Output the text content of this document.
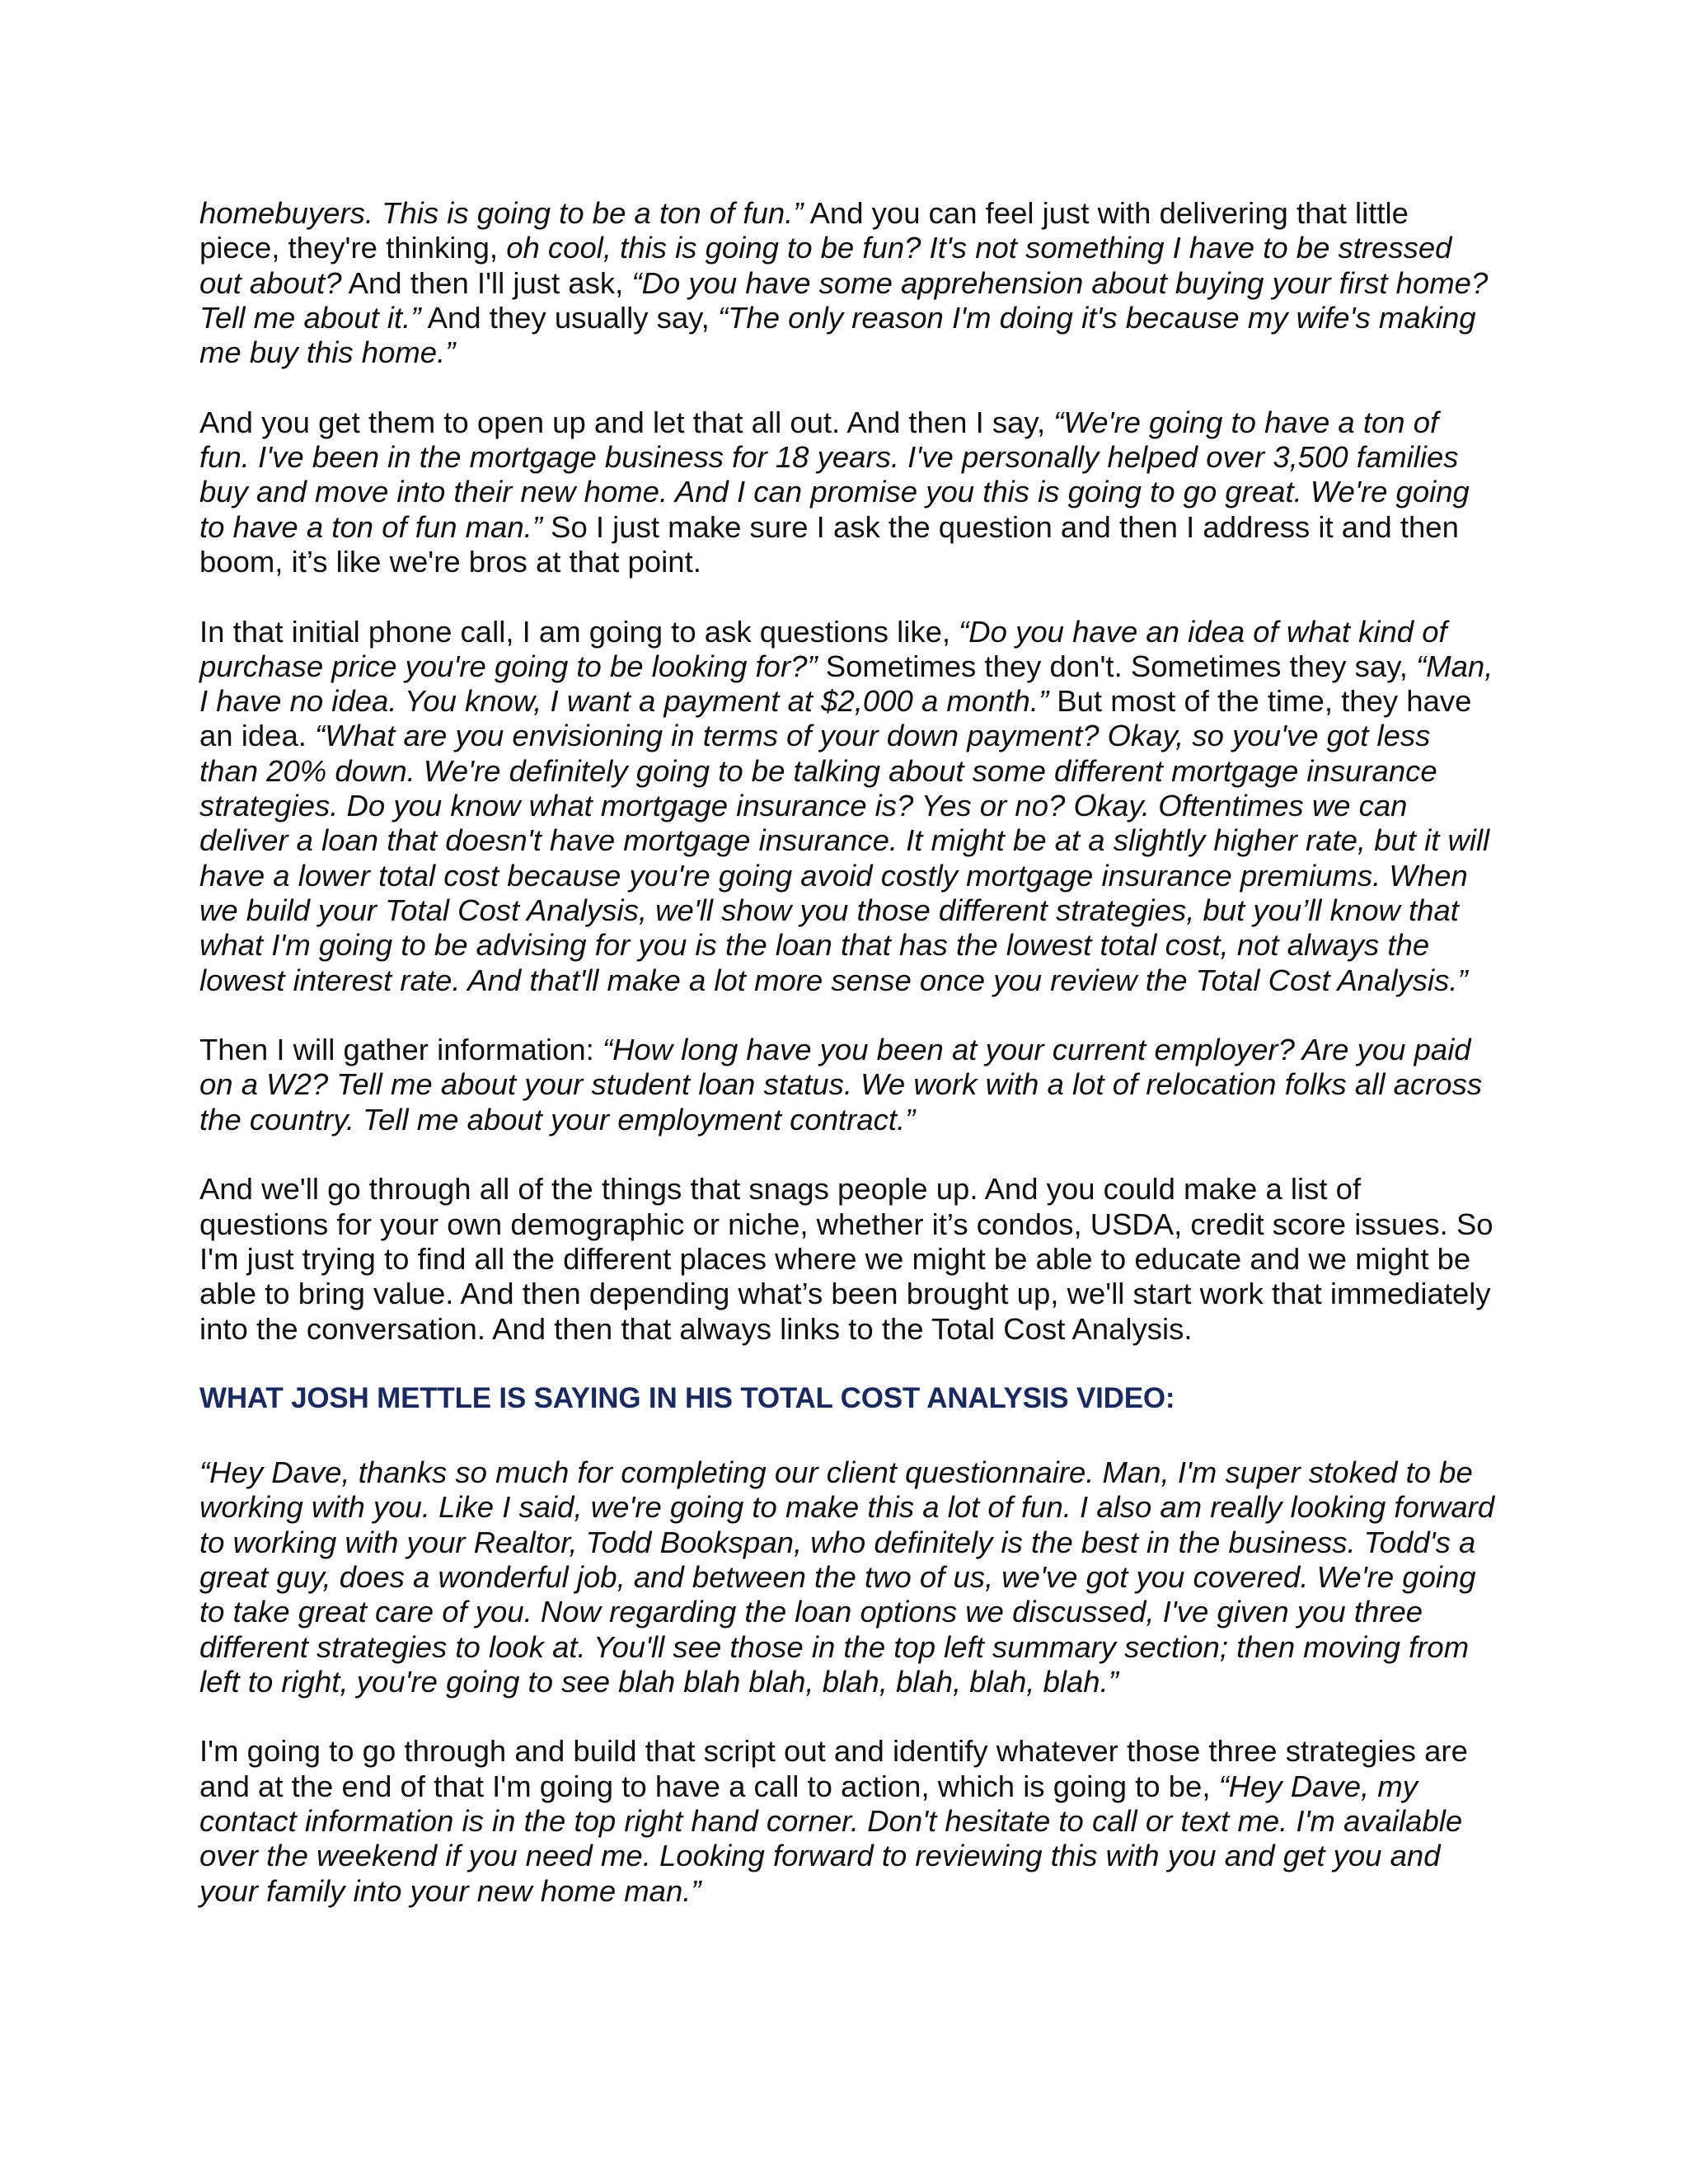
homebuyers. This is going to be a ton of fun.” And you can feel just with delivering that little piece, they're thinking, oh cool, this is going to be fun? It's not something I have to be stressed out about? And then I'll just ask, “Do you have some apprehension about buying your first home? Tell me about it.” And they usually say, “The only reason I'm doing it's because my wife's making me buy this home.”

And you get them to open up and let that all out. And then I say, “We're going to have a ton of fun. I've been in the mortgage business for 18 years. I've personally helped over 3,500 families buy and move into their new home. And I can promise you this is going to go great. We're going to have a ton of fun man.” So I just make sure I ask the question and then I address it and then boom, it’s like we're bros at that point.

In that initial phone call, I am going to ask questions like, “Do you have an idea of what kind of purchase price you're going to be looking for?” Sometimes they don't. Sometimes they say, “Man, I have no idea. You know, I want a payment at $2,000 a month.” But most of the time, they have an idea. “What are you envisioning in terms of your down payment? Okay, so you've got less than 20% down. We're definitely going to be talking about some different mortgage insurance strategies. Do you know what mortgage insurance is? Yes or no? Okay. Oftentimes we can deliver a loan that doesn't have mortgage insurance. It might be at a slightly higher rate, but it will have a lower total cost because you're going avoid costly mortgage insurance premiums. When we build your Total Cost Analysis, we'll show you those different strategies, but you’ll know that what I'm going to be advising for you is the loan that has the lowest total cost, not always the lowest interest rate. And that'll make a lot more sense once you review the Total Cost Analysis.”

Then I will gather information: “How long have you been at your current employer? Are you paid on a W2? Tell me about your student loan status. We work with a lot of relocation folks all across the country. Tell me about your employment contract.”

And we'll go through all of the things that snags people up. And you could make a list of questions for your own demographic or niche, whether it’s condos, USDA, credit score issues. So I'm just trying to find all the different places where we might be able to educate and we might be able to bring value. And then depending what’s been brought up, we'll start work that immediately into the conversation. And then that always links to the Total Cost Analysis.

WHAT JOSH METTLE IS SAYING IN HIS TOTAL COST ANALYSIS VIDEO:

“Hey Dave, thanks so much for completing our client questionnaire. Man, I'm super stoked to be working with you. Like I said, we're going to make this a lot of fun. I also am really looking forward to working with your Realtor, Todd Bookspan, who definitely is the best in the business. Todd's a great guy, does a wonderful job, and between the two of us, we've got you covered. We're going to take great care of you. Now regarding the loan options we discussed, I've given you three different strategies to look at. You'll see those in the top left summary section; then moving from left to right, you're going to see blah blah blah, blah, blah, blah, blah.”

I'm going to go through and build that script out and identify whatever those three strategies are and at the end of that I'm going to have a call to action, which is going to be, “Hey Dave, my contact information is in the top right hand corner. Don't hesitate to call or text me. I'm available over the weekend if you need me. Looking forward to reviewing this with you and get you and your family into your new home man.”
